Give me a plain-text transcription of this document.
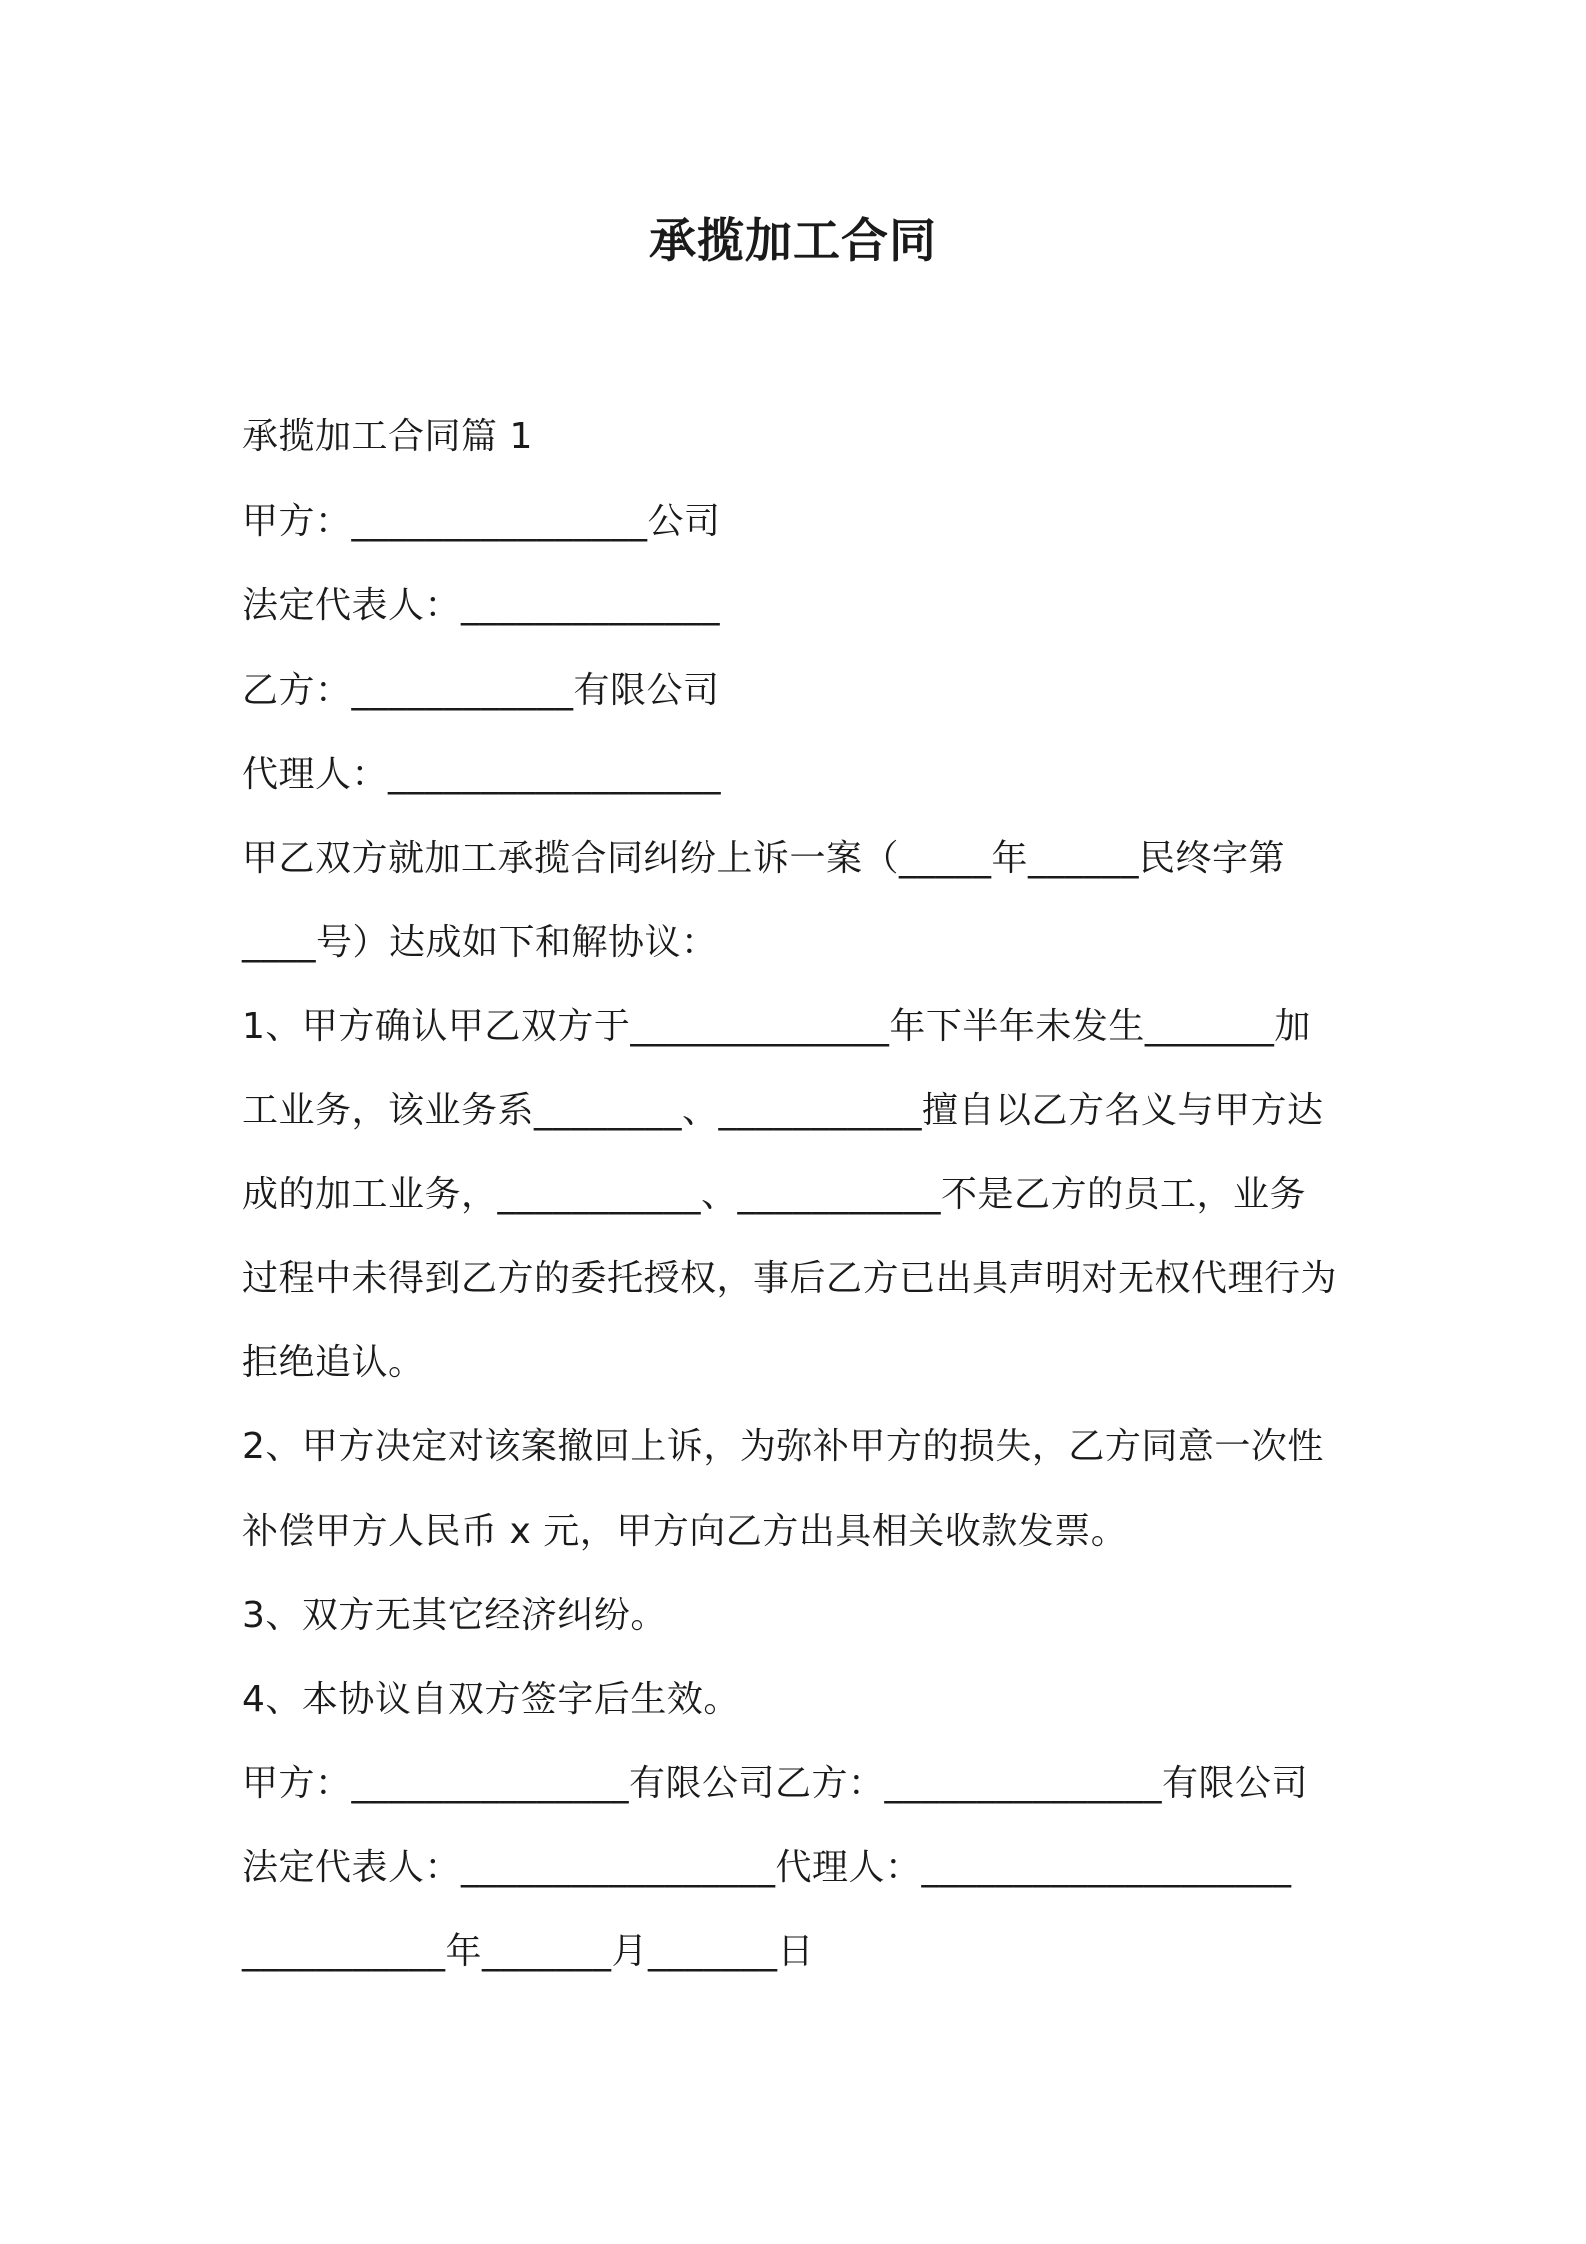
承揽加工合同
承揽加工合同篇 1
甲方：________________公司
法定代表人：______________
乙方：____________有限公司
代理人：__________________
甲乙双方就加工承揽合同纠纷上诉一案（_____年______民终字第
____号）达成如下和解协议：
1、甲方确认甲乙双方于______________年下半年未发生_______加
工业务，该业务系________、___________擅自以乙方名义与甲方达
成的加工业务，___________、___________不是乙方的员工，业务
过程中未得到乙方的委托授权，事后乙方已出具声明对无权代理行为
拒绝追认。
2、甲方决定对该案撤回上诉，为弥补甲方的损失，乙方同意一次性
补偿甲方人民币 x 元，甲方向乙方出具相关收款发票。
3、双方无其它经济纠纷。
4、本协议自双方签字后生效。
甲方：_______________有限公司乙方：_______________有限公司
法定代表人：_________________代理人：____________________
___________年_______月_______日
